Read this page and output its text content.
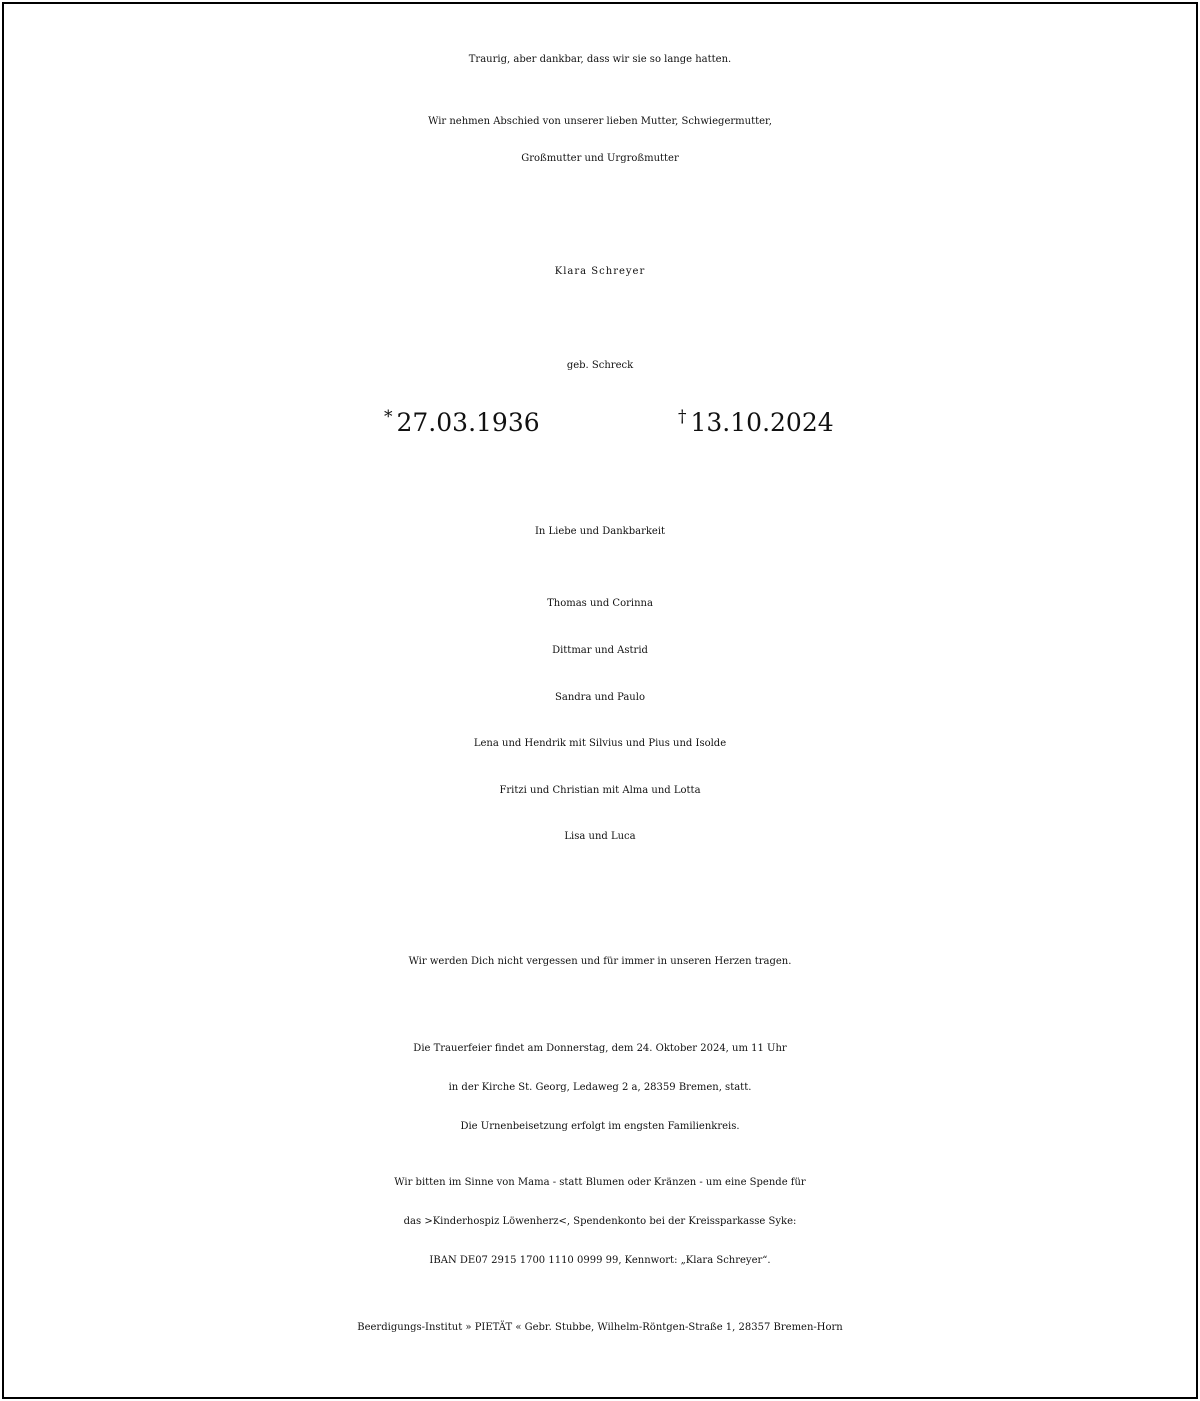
Traurig, aber dankbar, dass wir sie so lange hatten.
Wir nehmen Abschied von unserer lieben Mutter, Schwiegermutter,
Großmutter und Urgroßmutter
Klara Schreyer
geb. Schreck
* 27.03.1936	† 13.10.2024
In Liebe und Dankbarkeit
Thomas und Corinna
Dittmar und Astrid
Sandra und Paulo
Lena und Hendrik mit Silvius und Pius und Isolde
Fritzi und Christian mit Alma und Lotta
Lisa und Luca
Wir werden Dich nicht vergessen und für immer in unseren Herzen tragen.
Die Trauerfeier findet am Donnerstag, dem 24. Oktober 2024, um 11 Uhr
in der Kirche St. Georg, Ledaweg 2 a, 28359 Bremen, statt.
Die Urnenbeisetzung erfolgt im engsten Familienkreis.
Wir bitten im Sinne von Mama - statt Blumen oder Kränzen - um eine Spende für
das >Kinderhospiz Löwenherz<, Spendenkonto bei der Kreissparkasse Syke:
IBAN DE07 2915 1700 1110 0999 99, Kennwort: „Klara Schreyer“.
Beerdigungs-Institut » PIETÄT « Gebr. Stubbe, Wilhelm-Röntgen-Straße 1, 28357 Bremen-Horn
